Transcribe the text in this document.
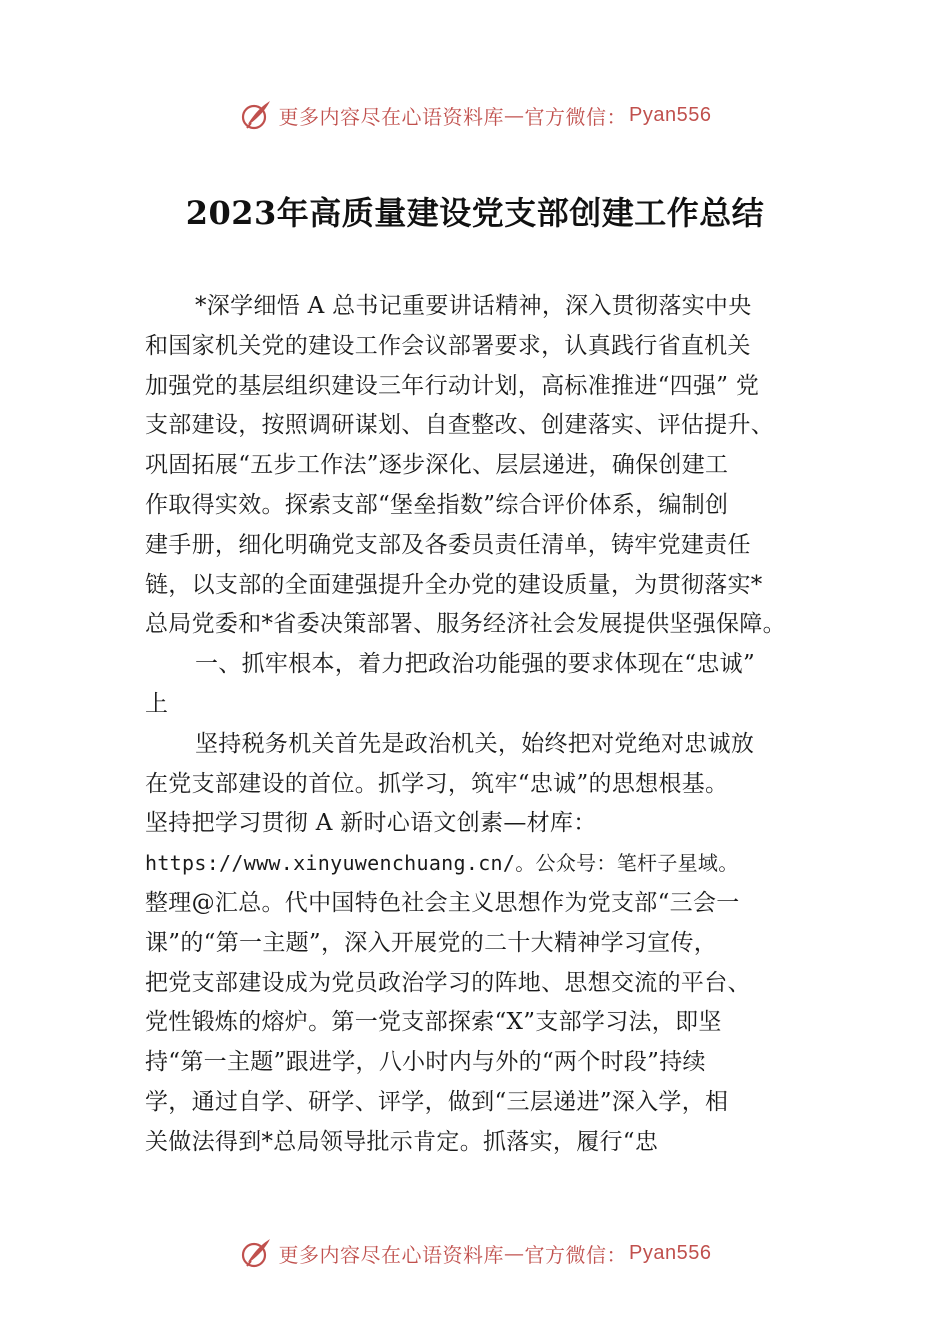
更多内容尽在心语资料库 — 官方微信： Pyan556
2023年高质量建设党支部创建工作总结
*深学细悟 A 总书记重要讲话精神，深入贯彻落实中央
和国家机关党的建设工作会议部署要求，认真践行省直机关
加强党的基层组织建设三年行动计划，高标准推进“四强” 党
支部建设，按照调研谋划、自查整改、创建落实、评估提升、
巩固拓展“五步工作法”逐步深化、层层递进，确保创建工
作取得实效。探索支部“堡垒指数”综合评价体系，编制创
建手册，细化明确党支部及各委员责任清单，铸牢党建责任
链，以支部的全面建强提升全办党的建设质量，为贯彻落实*
总局党委和*省委决策部署、服务经济社会发展提供坚强保障。
一、抓牢根本，着力把政治功能强的要求体现在“忠诚”
上
坚持税务机关首先是政治机关，始终把对党绝对忠诚放
在党支部建设的首位。抓学习，筑牢“忠诚”的思想根基。
坚持把学习贯彻 A 新时心语文创素—材库：
https://www.xinyuwenchuang.cn/。公众号：笔杆子星域。
整理@汇总。代中国特色社会主义思想作为党支部“三会一
课”的“第一主题”，深入开展党的二十大精神学习宣传，
把党支部建设成为党员政治学习的阵地、思想交流的平台、
党性锻炼的熔炉。第一党支部探索“X”支部学习法，即坚
持“第一主题”跟进学，八小时内与外的“两个时段”持续
学，通过自学、研学、评学，做到“三层递进”深入学，相
关做法得到*总局领导批示肯定。抓落实，履行“忠
更多内容尽在心语资料库 — 官方微信： Pyan556
